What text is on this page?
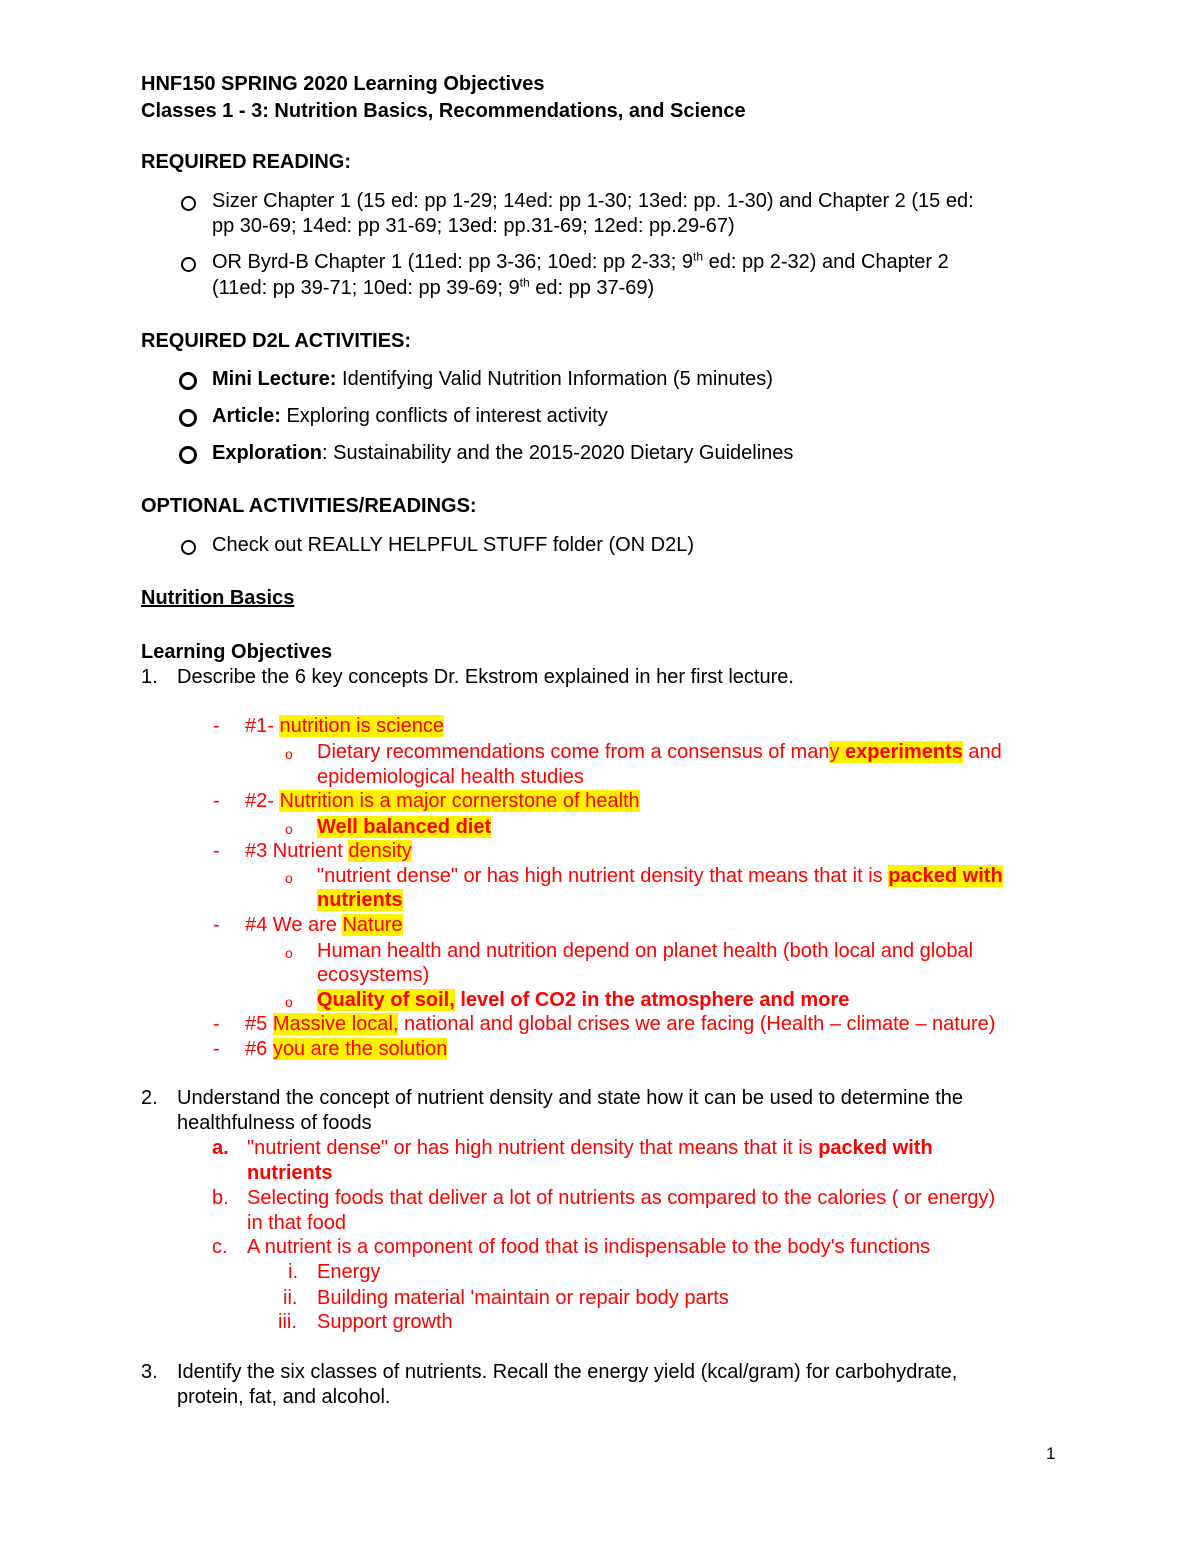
HNF150 SPRING 2020 Learning Objectives
Classes 1 - 3: Nutrition Basics, Recommendations, and Science
REQUIRED READING:
Sizer Chapter 1 (15 ed: pp 1-29; 14ed: pp 1-30; 13ed: pp. 1-30) and Chapter 2 (15 ed:
pp 30-69; 14ed: pp 31-69; 13ed: pp.31-69; 12ed: pp.29-67)
OR Byrd-B Chapter 1 (11ed: pp 3-36; 10ed: pp 2-33; 9th ed: pp 2-32) and Chapter 2
(11ed: pp 39-71; 10ed: pp 39-69; 9th ed: pp 37-69)
REQUIRED D2L ACTIVITIES:
Mini Lecture: Identifying Valid Nutrition Information (5 minutes)
Article: Exploring conflicts of interest activity
Exploration: Sustainability and the 2015-2020 Dietary Guidelines
OPTIONAL ACTIVITIES/READINGS:
Check out REALLY HELPFUL STUFF folder (ON D2L)
Nutrition Basics
Learning Objectives
1. Describe the 6 key concepts Dr. Ekstrom explained in her first lecture.
- #1- nutrition is science
o Dietary recommendations come from a consensus of many experiments and
epidemiological health studies
- #2- Nutrition is a major cornerstone of health
o Well balanced diet
- #3 Nutrient density
o "nutrient dense" or has high nutrient density that means that it is packed with
nutrients
- #4 We are Nature
o Human health and nutrition depend on planet health (both local and global
ecosystems)
o Quality of soil, level of CO2 in the atmosphere and more
- #5 Massive local, national and global crises we are facing (Health – climate – nature)
- #6 you are the solution
2. Understand the concept of nutrient density and state how it can be used to determine the
healthfulness of foods
a. "nutrient dense" or has high nutrient density that means that it is packed with
nutrients
b. Selecting foods that deliver a lot of nutrients as compared to the calories ( or energy)
in that food
c. A nutrient is a component of food that is indispensable to the body's functions
i. Energy
ii. Building material 'maintain or repair body parts
iii. Support growth
3. Identify the six classes of nutrients. Recall the energy yield (kcal/gram) for carbohydrate,
protein, fat, and alcohol.
1
